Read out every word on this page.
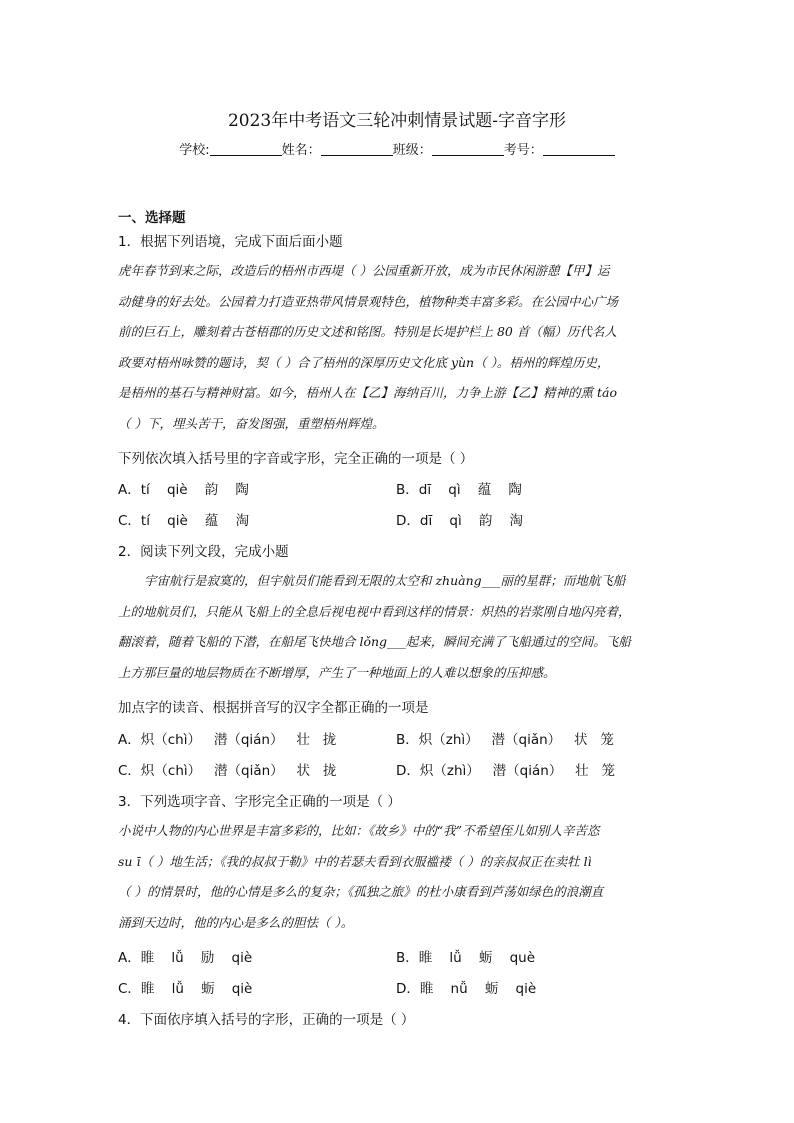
2023年中考语文三轮冲刺情景试题-字音字形
学校:	姓名：	班级：	考号：
一、选择题
1．根据下列语境，完成下面后面小题
虎年春节到来之际，改造后的梧州市西堤（ ）公园重新开放，成为市民休闲游憩【甲】运
动健身的好去处。公园着力打造亚热带风情景观特色，植物种类丰富多彩。在公园中心广场
前的巨石上，雕刻着古苍梧郡的历史文述和铭图。特别是长堤护栏上 80 首（幅）历代名人
政要对梧州咏赞的题诗，契（ ）合了梧州的深厚历史文化底 yùn（ ）。梧州的辉煌历史，
是梧州的基石与精神财富。如今，梧州人在【乙】海纳百川，力争上游【乙】精神的熏 táo
（ ）下，埋头苦干，奋发图强，重塑梧州辉煌。
下列依次填入括号里的字音或字形，完全正确的一项是（ ）
A．tí    qiè    韵    陶	B．dī    qì    蕴    陶
C．tí    qiè    蕴    淘	D．dī    qì    韵    淘
2．阅读下列文段，完成小题
宇宙航行是寂寞的，但宇航员们能看到无限的太空和 zhuàng___丽的星群；而地航飞船
上的地航员们，只能从飞船上的全息后视电视中看到这样的情景：炽热的岩浆刚自地闪亮着，
翻滚着，随着飞船的下潜，在船尾飞快地合 lǒng___起来，瞬间充满了飞船通过的空间。飞船
上方那巨量的地层物质在不断增厚，产生了一种地面上的人难以想象的压抑感。
加点字的读音、根据拼音写的汉字全都正确的一项是
A．炽（chì）   潜（qián）   壮   拢	B．炽（zhì）   潜（qiǎn）   状   笼
C．炽（chì）   潜（qiǎn）   状   拢	D．炽（zhì）   潜（qián）   壮   笼
3．下列选项字音、字形完全正确的一项是（ ）
小说中人物的内心世界是丰富多彩的，比如：《故乡》中的“我”不希望侄儿如别人辛苦恣
su ī（ ）地生活；《我的叔叔于勒》中的若瑟夫看到衣服褴褛（ ）的亲叔叔正在卖牡 lì
（ ）的情景时，他的心情是多么的复杂；《孤独之旅》的杜小康看到芦荡如绿色的浪潮直
涌到天边时，他的内心是多么的胆怯（ ）。
A．睢    lǚ    励    qiè	B．睢    lǚ    蛎    què
C．睢    lǚ    蛎    qiè	D．睢    nǚ    蛎    qiè
4．下面依序填入括号的字形，正确的一项是（ ）
